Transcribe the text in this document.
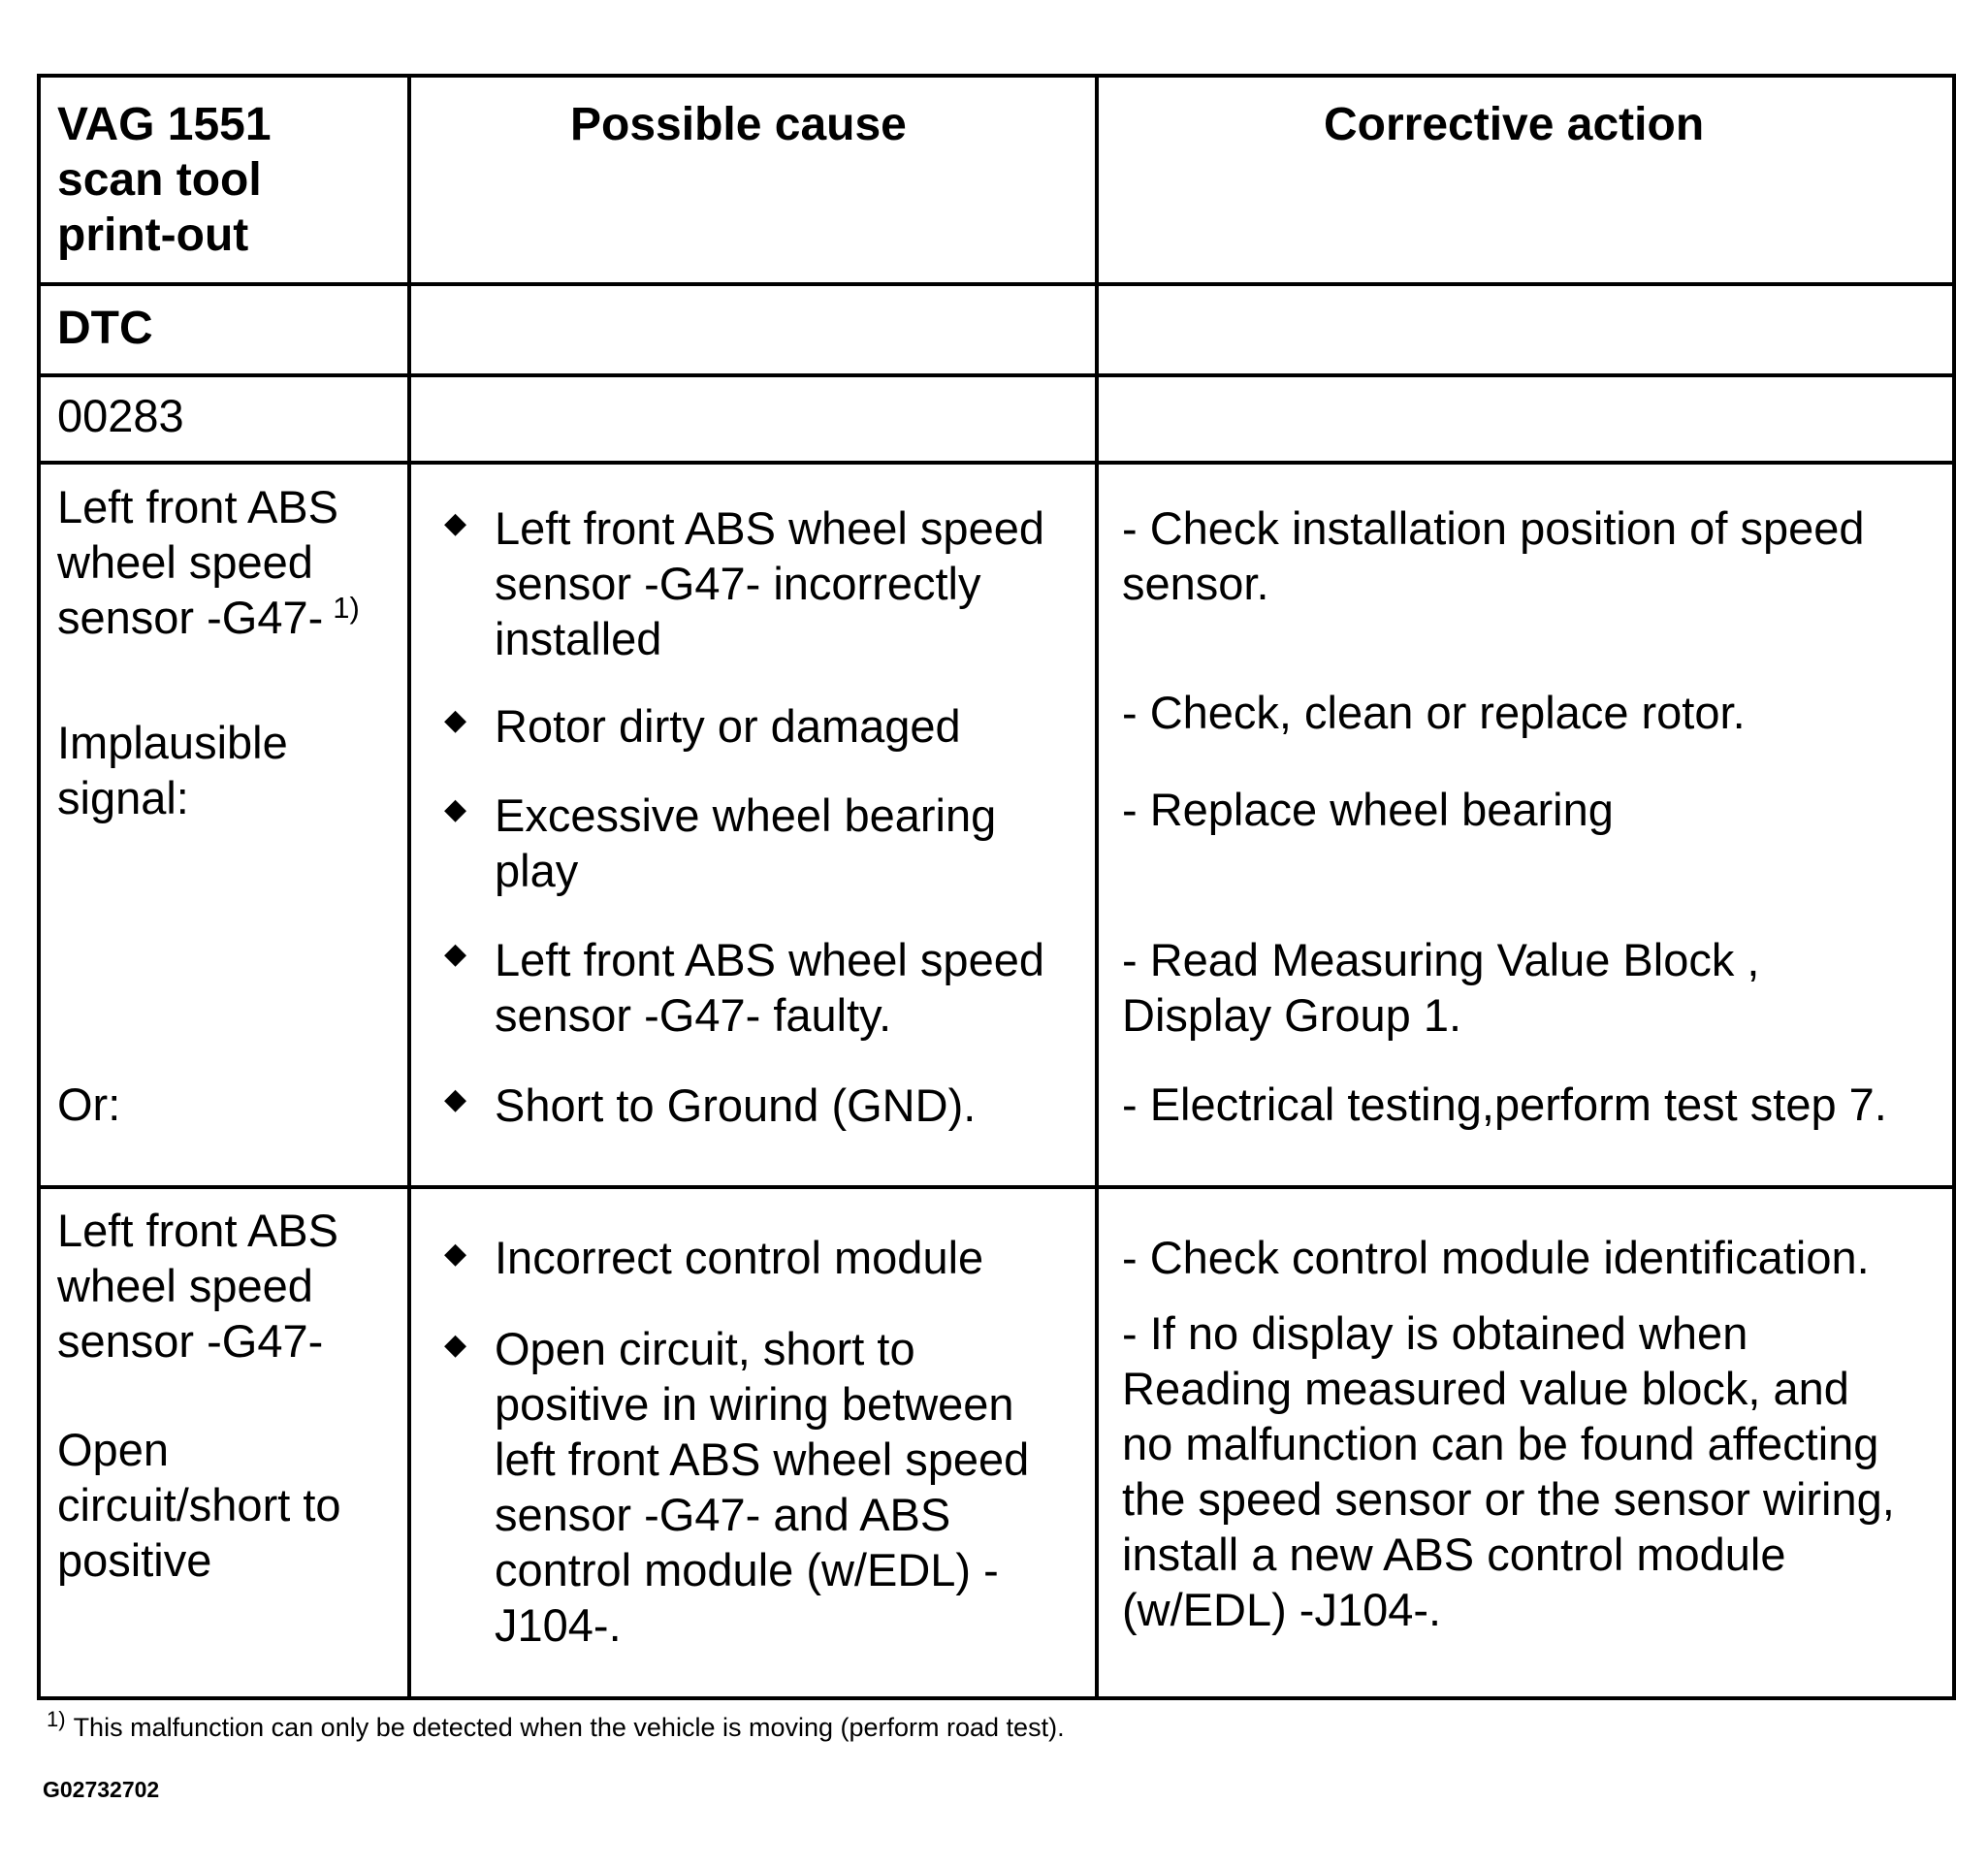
VAG 1551
scan tool
print-out
Possible cause	Corrective action
DTC
00283
Left front ABS
wheel speed
sensor -G47- $^{1)}$
Implausible
signal:
Or:
◆ Left front ABS wheel speed
sensor -G47- incorrectly
installed
◆ Rotor dirty or damaged
◆ Excessive wheel bearing
play
◆ Left front ABS wheel speed
sensor -G47- faulty.
◆ Short to Ground (GND).
- Check installation position of speed
sensor.
- Check, clean or replace rotor.
- Replace wheel bearing
- Read Measuring Value Block ,
Display Group 1.
- Electrical testing,perform test step 7.
Left front ABS
wheel speed
sensor -G47-
Open
circuit/short to
positive
◆ Incorrect control module
◆ Open circuit, short to
positive in wiring between
left front ABS wheel speed
sensor -G47- and ABS
control module (w/EDL) -
J104-.
- Check control module identification.
- If no display is obtained when
Reading measured value block, and
no malfunction can be found affecting
the speed sensor or the sensor wiring,
install a new ABS control module
(w/EDL) -J104-.
$^{1)}$ This malfunction can only be detected when the vehicle is moving (perform road test).
G02732702
